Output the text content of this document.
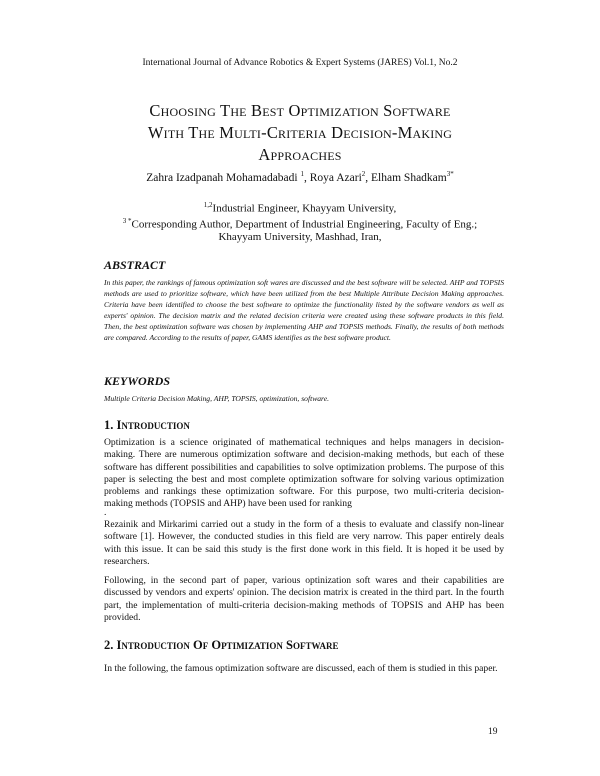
International Journal of Advance Robotics & Expert Systems (JARES) Vol.1, No.2
Choosing The Best Optimization Software
With The Multi-Criteria Decision-Making
Approaches
Zahra Izadpanah Mohamadabadi $^1$, Roya Azari$^2$, Elham Shadkam$^{3*}$
$^{1,2}$Industrial Engineer, Khayyam University,
$^{3 *}$Corresponding Author, Department of Industrial Engineering, Faculty of Eng.;
Khayyam University, Mashhad, Iran,
ABSTRACT
In this paper, the rankings of famous optimization soft wares are discussed and the best software will be selected. AHP and TOPSIS methods are used to prioritize software, which have been utilized from the best Multiple Attribute Decision Making approaches. Criteria have been identified to choose the best software to optimize the functionality listed by the software vendors as well as experts' opinion. The decision matrix and the related decision criteria were created using these software products in this field. Then, the best optimization software was chosen by implementing AHP and TOPSIS methods. Finally, the results of both methods are compared. According to the results of paper, GAMS identifies as the best software product.
KEYWORDS
Multiple Criteria Decision Making, AHP, TOPSIS, optimization, software.
1. Introduction
Optimization is a science originated of mathematical techniques and helps managers in decision-making. There are numerous optimization software and decision-making methods, but each of these software has different possibilities and capabilities to solve optimization problems. The purpose of this paper is selecting the best and most complete optimization software for solving various optimization problems and rankings these optimization software. For this purpose, two multi-criteria decision-making methods (TOPSIS and AHP) have been used for ranking
.
Rezainik and Mirkarimi carried out a study in the form of a thesis to evaluate and classify non-linear software [1]. However, the conducted studies in this field are very narrow. This paper entirely deals with this issue. It can be said this study is the first done work in this field. It is hoped it be used by researchers.
Following, in the second part of paper, various optinization soft wares and their capabilities are discussed by vendors and experts' opinion. The decision matrix is created in the third part. In the fourth part, the implementation of multi-criteria decision-making methods of TOPSIS and AHP has been provided.
2. Introduction Of Optimization Software
In the following, the famous optimization software are discussed, each of them is studied in this paper.
19
